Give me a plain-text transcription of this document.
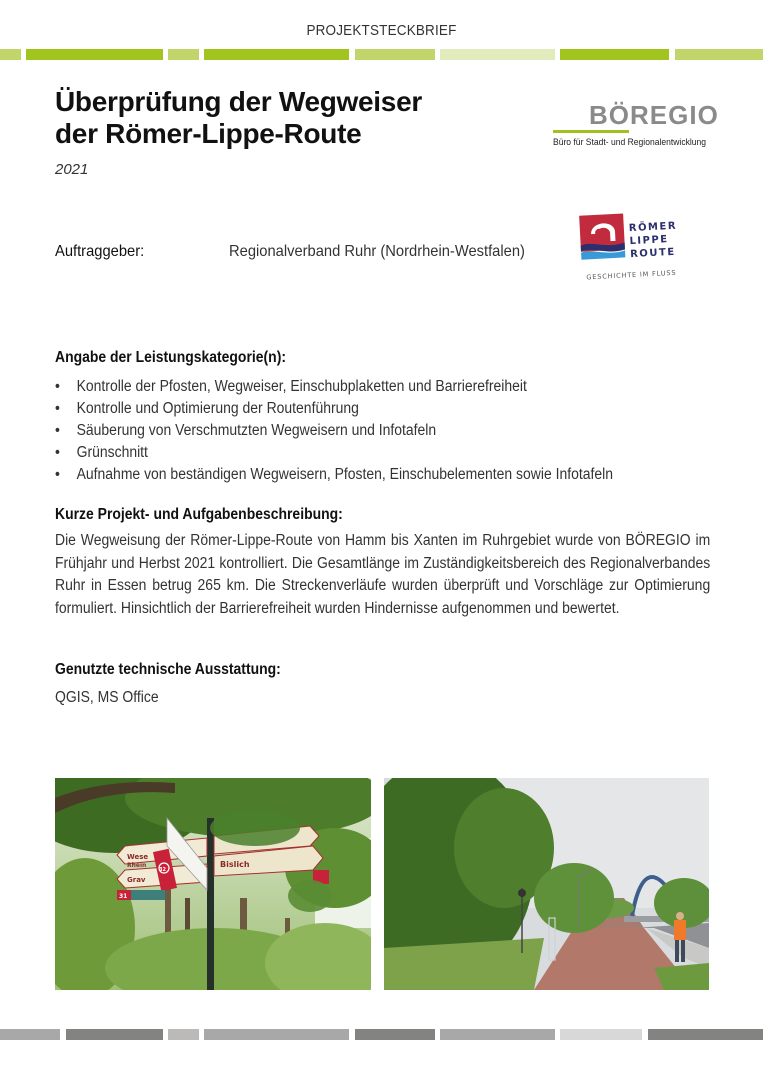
PROJEKTSTECKBRIEF
Überprüfung der Wegweiser
der Römer-Lippe-Route
2021
BÖREGIO
Büro für Stadt- und Regionalentwicklung
Auftraggeber:	Regionalverband Ruhr (Nordrhein-Westfalen)
RÖMER
LIPPE
ROUTE
GESCHICHTE IM FLUSS
Angabe der Leistungskategorie(n):
• Kontrolle der Pfosten, Wegweiser, Einschubplaketten und Barrierefreiheit
• Kontrolle und Optimierung der Routenführung
• Säuberung von Verschmutzten Wegweisern und Infotafeln
• Grünschnitt
• Aufnahme von beständigen Wegweisern, Pfosten, Einschubelementen sowie Infotafeln
Kurze Projekt- und Aufgabenbeschreibung:
Die Wegweisung der Römer-Lippe-Route von Hamm bis Xanten im Ruhrgebiet wurde von BÖREGIO im Frühjahr und Herbst 2021 kontrolliert. Die Gesamtlänge im Zuständigkeitsbereich des Regionalverbandes Ruhr in Essen betrug 265 km. Die Streckenverläufe wurden überprüft und Vorschläge zur Optimierung formuliert. Hinsichtlich der Barrierefreiheit wurden Hindernisse aufgenommen und bewertet.
Genutzte technische Ausstattung:
QGIS, MS Office
Wese
Rhein
Grav
Bislich
31
32
